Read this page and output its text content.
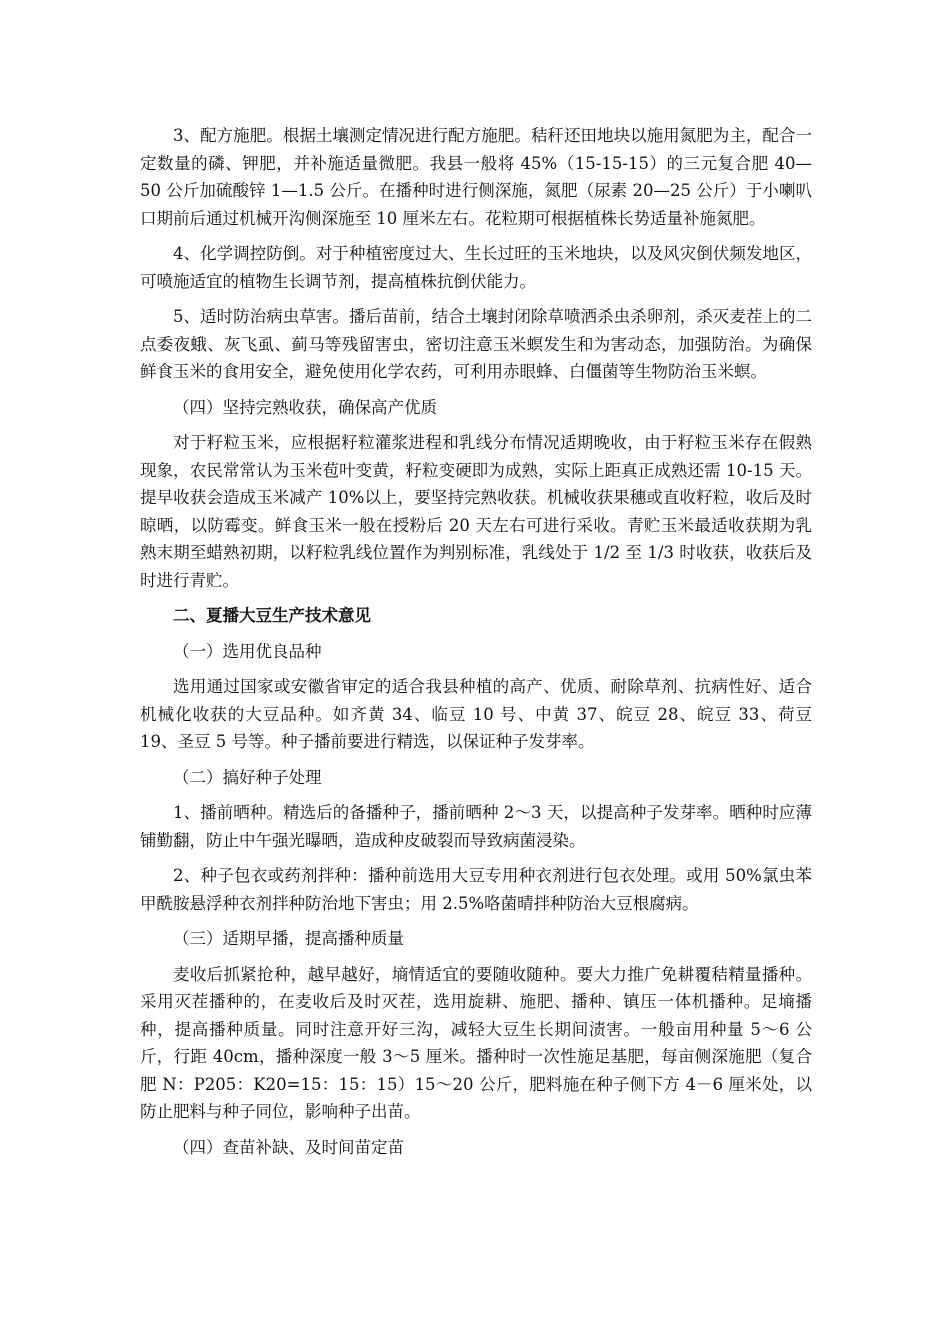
3、配方施肥。根据土壤测定情况进行配方施肥。秸秆还田地块以施用氮肥为主，配合一定数量的磷、钾肥，并补施适量微肥。我县一般将 45%（15-15-15）的三元复合肥 40—50 公斤加硫酸锌 1—1.5 公斤。在播种时进行侧深施，氮肥（尿素 20—25 公斤）于小喇叭口期前后通过机械开沟侧深施至 10 厘米左右。花粒期可根据植株长势适量补施氮肥。

4、化学调控防倒。对于种植密度过大、生长过旺的玉米地块，以及风灾倒伏频发地区，可喷施适宜的植物生长调节剂，提高植株抗倒伏能力。

5、适时防治病虫草害。播后苗前，结合土壤封闭除草喷洒杀虫杀卵剂，杀灭麦茬上的二点委夜蛾、灰飞虱、蓟马等残留害虫，密切注意玉米螟发生和为害动态，加强防治。为确保鲜食玉米的食用安全，避免使用化学农药，可利用赤眼蜂、白僵菌等生物防治玉米螟。

（四）坚持完熟收获，确保高产优质

对于籽粒玉米，应根据籽粒灌浆进程和乳线分布情况适期晚收，由于籽粒玉米存在假熟现象，农民常常认为玉米苞叶变黄，籽粒变硬即为成熟，实际上距真正成熟还需 10-15 天。提早收获会造成玉米减产 10%以上，要坚持完熟收获。机械收获果穗或直收籽粒，收后及时晾晒，以防霉变。鲜食玉米一般在授粉后 20 天左右可进行采收。青贮玉米最适收获期为乳熟末期至蜡熟初期，以籽粒乳线位置作为判别标准，乳线处于 1/2 至 1/3 时收获，收获后及时进行青贮。

二、夏播大豆生产技术意见

（一）选用优良品种

选用通过国家或安徽省审定的适合我县种植的高产、优质、耐除草剂、抗病性好、适合机械化收获的大豆品种。如齐黄 34、临豆 10 号、中黄 37、皖豆 28、皖豆 33、荷豆 19、圣豆 5 号等。种子播前要进行精选，以保证种子发芽率。

（二）搞好种子处理

1、播前晒种。精选后的备播种子，播前晒种 2～3 天，以提高种子发芽率。晒种时应薄铺勤翻，防止中午强光曝晒，造成种皮破裂而导致病菌浸染。

2、种子包衣或药剂拌种：播种前选用大豆专用种衣剂进行包衣处理。或用 50%氯虫苯甲酰胺悬浮种衣剂拌种防治地下害虫；用 2.5%咯菌晴拌种防治大豆根腐病。

（三）适期早播，提高播种质量

麦收后抓紧抢种，越早越好，墒情适宜的要随收随种。要大力推广免耕覆秸精量播种。采用灭茬播种的，在麦收后及时灭茬，选用旋耕、施肥、播种、镇压一体机播种。足墒播种，提高播种质量。同时注意开好三沟，减轻大豆生长期间渍害。一般亩用种量 5～6 公斤，行距 40cm，播种深度一般 3～5 厘米。播种时一次性施足基肥，每亩侧深施肥（复合肥 N：P205：K20=15：15：15）15～20 公斤，肥料施在种子侧下方 4－6 厘米处，以防止肥料与种子同位，影响种子出苗。

（四）查苗补缺、及时间苗定苗
